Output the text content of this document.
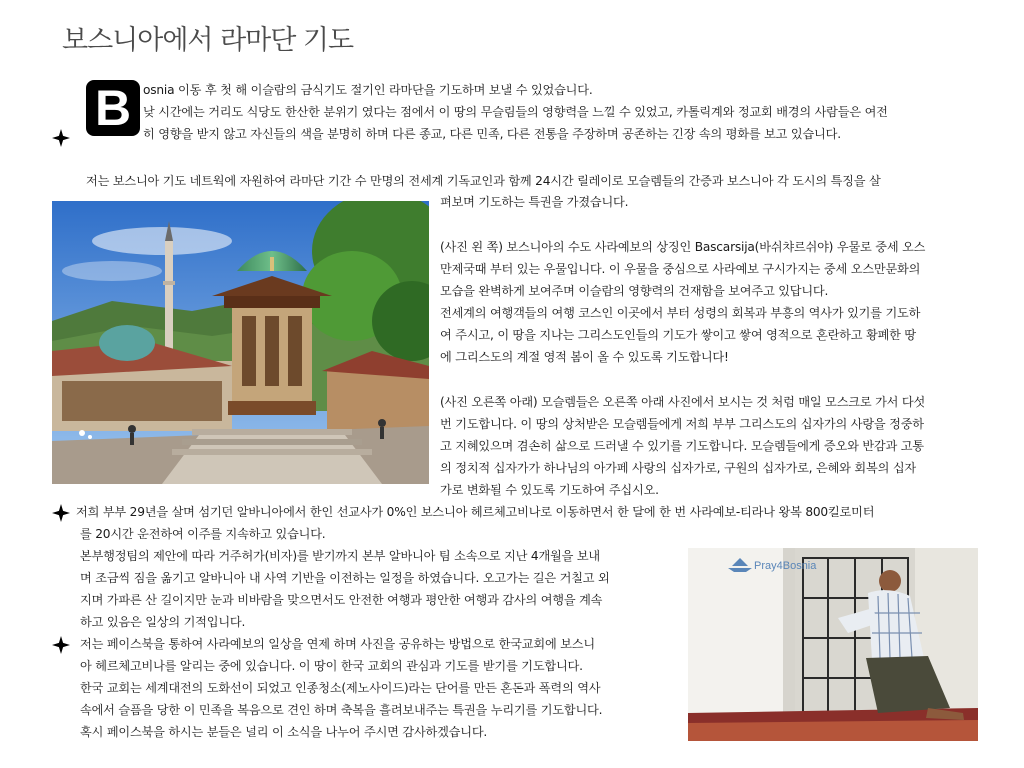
보스니아에서 라마단 기도
B osnia 이동 후 첫 해 이슬람의 금식기도 절기인 라마단을 기도하며 보낼 수 있었습니다.
낮 시간에는 거리도 식당도 한산한 분위기 였다는 점에서 이 땅의 무슬림들의 영향력을 느낄 수 있었고, 카톨릭계와 정교회 배경의 사람들은 여전
히 영향을 받지 않고 자신들의 색을 분명히 하며 다른 종교, 다른 민족, 다른 전통을 주장하며 공존하는 긴장 속의 평화를 보고 있습니다.
저는 보스니아 기도 네트웍에 자원하여 라마단 기간 수 만명의 전세계 기독교인과 함께 24시간 릴레이로 모슬렘들의 간증과 보스니아 각 도시의 특징을 살
펴보며 기도하는 특권을 가졌습니다.
(사진 왼 쪽) 보스니아의 수도 사라예보의 상징인 Bascarsija(바쉬챠르쉬야) 우물로 중세 오스
만제국때 부터 있는 우물입니다. 이 우물을 중심으로 사라예보 구시가지는 중세 오스만문화의
모습을 완벽하게 보여주며 이슬람의 영향력의 건재함을 보여주고 있답니다.
전세계의 여행객들의 여행 코스인 이곳에서 부터 성령의 회복과 부흥의 역사가 있기를 기도하
여 주시고, 이 땅을 지나는 그리스도인들의 기도가 쌓이고 쌓여 영적으로 혼란하고 황폐한 땅
에 그리스도의 계절 영적 봄이 올 수 있도록 기도합니다!
(사진 오른쪽 아래) 모슬렘들은 오른쪽 아래 사진에서 보시는 것 처럼 매일 모스크로 가서 다섯
번 기도합니다. 이 땅의 상처받은 모슬렘들에게 저희 부부 그리스도의 십자가의 사랑을 정중하
고 지혜있으며 겸손히 삶으로 드러낼 수 있기를 기도합니다. 모슬렘들에게 증오와 반감과 고통
의 정치적 십자가가 하나님의 아가페 사랑의 십자가로, 구원의 십자가로, 은혜와 회복의 십자
가로 변화될 수 있도록 기도하여 주십시오.
저희 부부 29년을 살며 섬기던 알바니아에서 한인 선교사가 0%인 보스니아 헤르체고비나로 이동하면서 한 달에 한 번 사라예보-티라나 왕복 800킬로미터
를 20시간 운전하여 이주를 지속하고 있습니다.
본부행정팀의 제안에 따라 거주허가(비자)를 받기까지 본부 알바니아 팀 소속으로 지난 4개월을 보내
며 조금씩 짐을 옮기고 알바니아 내 사역 기반을 이전하는 일정을 하였습니다. 오고가는 길은 거칠고 외
지며 가파른 산 길이지만 눈과 비바람을 맞으면서도 안전한 여행과 평안한 여행과 감사의 여행을 계속
하고 있음은 일상의 기적입니다.
저는 페이스북을 통하여 사라예보의 일상을 연제 하며 사진을 공유하는 방법으로 한국교회에 보스니
아 헤르체고비나를 알리는 중에 있습니다. 이 땅이 한국 교회의 관심과 기도를 받기를 기도합니다.
한국 교회는 세계대전의 도화선이 되었고 인종청소(제노사이드)라는 단어를 만든 혼돈과 폭력의 역사
속에서 슬픔을 당한 이 민족을 복음으로 견인 하며 축복을 흘려보내주는 특권을 누리기를 기도합니다.
혹시 페이스북을 하시는 분들은 널리 이 소식을 나누어 주시면 감사하겠습니다.
Pray4Bosnia
